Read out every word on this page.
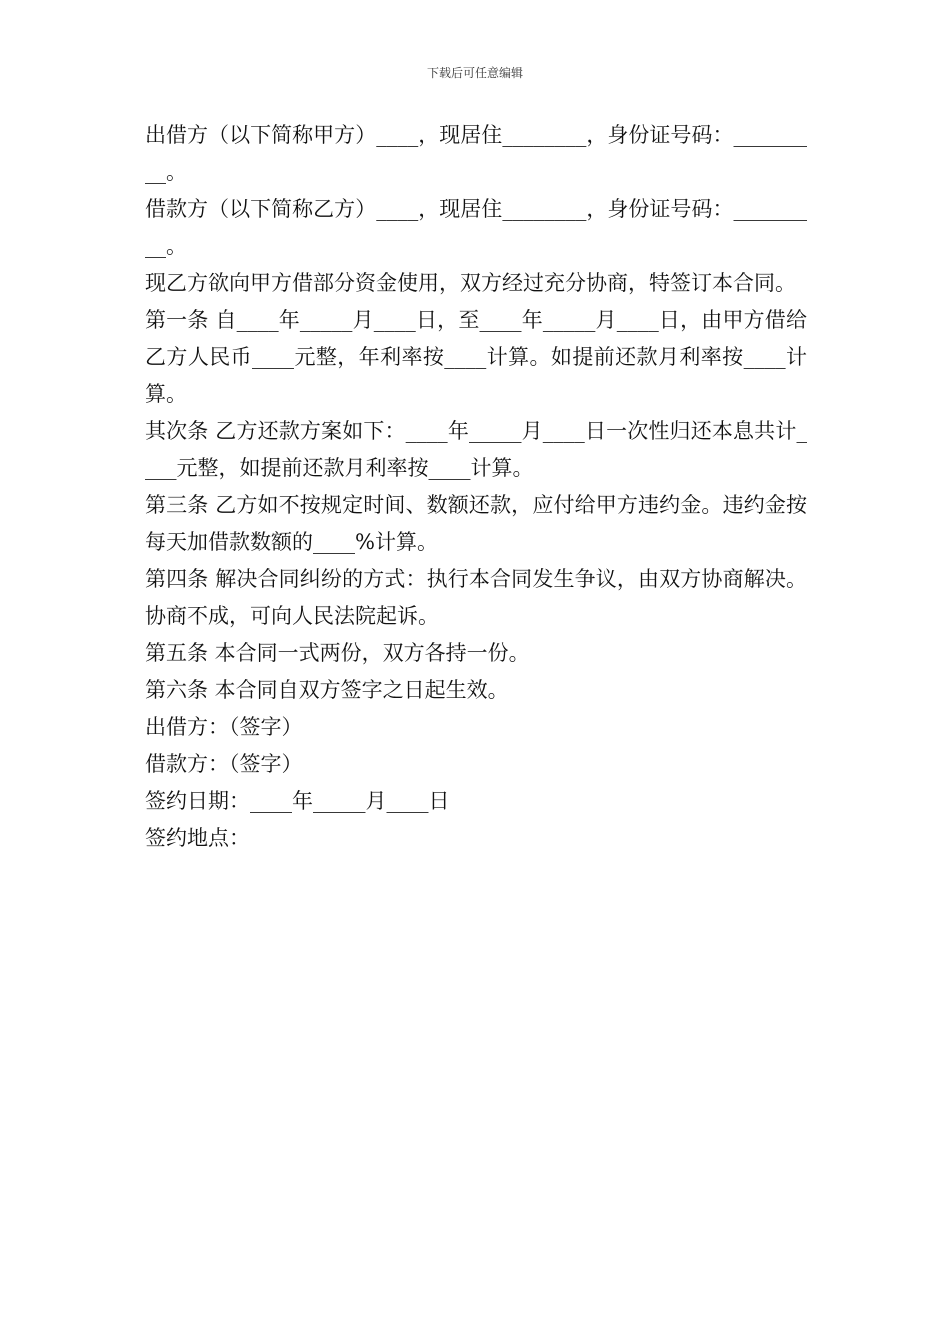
下载后可任意编辑

出借方（以下简称甲方）____，现居住________，身份证号码：_________。

借款方（以下简称乙方）____，现居住________，身份证号码：_________。

现乙方欲向甲方借部分资金使用，双方经过充分协商，特签订本合同。

第一条 自____年_____月____日，至____年_____月____日，由甲方借给乙方人民币____元整，年利率按____计算。如提前还款月利率按____计算。

其次条 乙方还款方案如下：____年_____月____日一次性归还本息共计____元整，如提前还款月利率按____计算。

第三条 乙方如不按规定时间、数额还款，应付给甲方违约金。违约金按每天加借款数额的____%计算。

第四条 解决合同纠纷的方式：执行本合同发生争议，由双方协商解决。协商不成，可向人民法院起诉。

第五条 本合同一式两份，双方各持一份。

第六条 本合同自双方签字之日起生效。

出借方：（签字）

借款方：（签字）

签约日期：____年_____月____日

签约地点：
